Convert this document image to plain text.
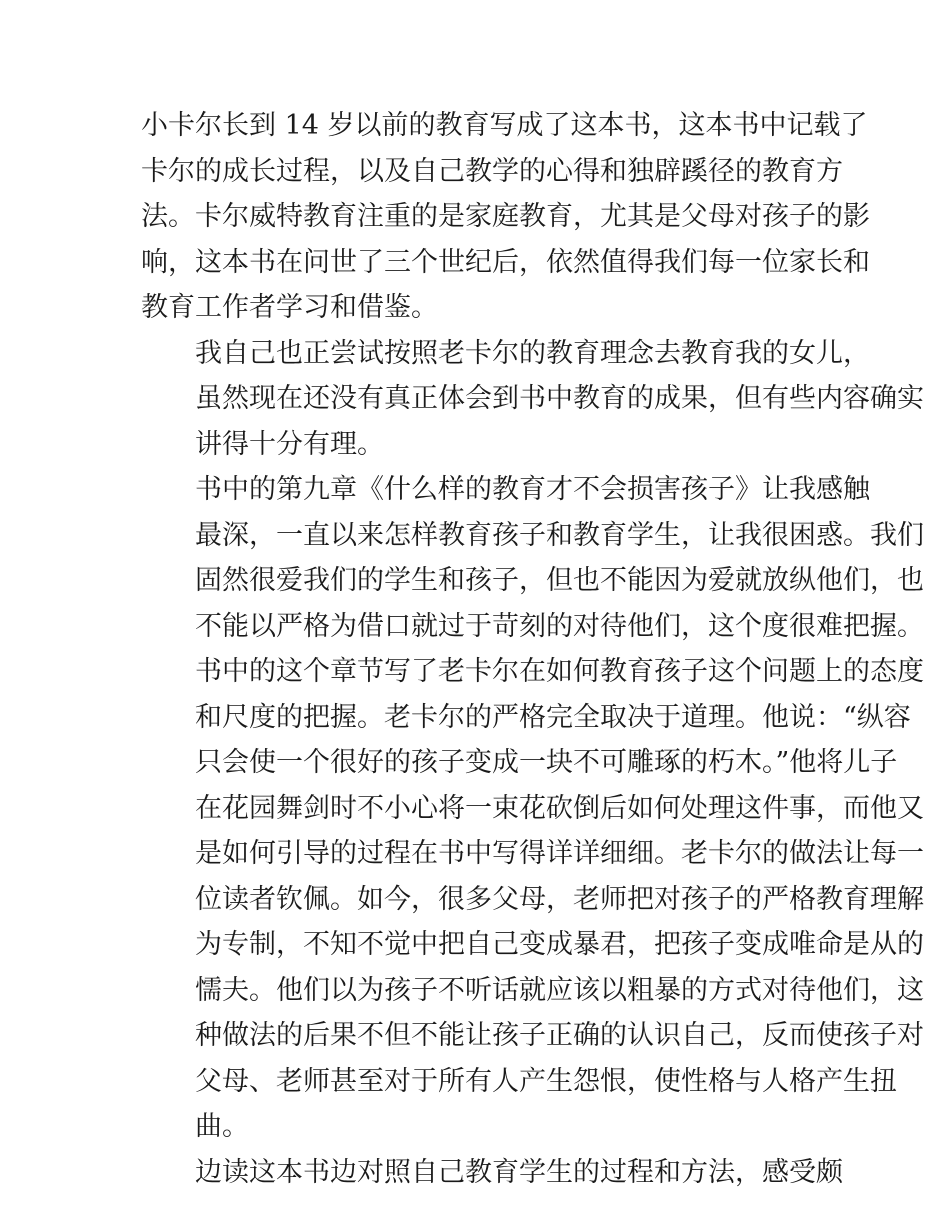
小卡尔长到 14 岁以前的教育写成了这本书，这本书中记载了
卡尔的成长过程，以及自己教学的心得和独辟蹊径的教育方
法。卡尔威特教育注重的是家庭教育，尤其是父母对孩子的影
响，这本书在问世了三个世纪后，依然值得我们每一位家长和
教育工作者学习和借鉴。
我自己也正尝试按照老卡尔的教育理念去教育我的女儿，
虽然现在还没有真正体会到书中教育的成果，但有些内容确实
讲得十分有理。
书中的第九章《什么样的教育才不会损害孩子》让我感触
最深，一直以来怎样教育孩子和教育学生，让我很困惑。我们
固然很爱我们的学生和孩子，但也不能因为爱就放纵他们，也
不能以严格为借口就过于苛刻的对待他们，这个度很难把握。
书中的这个章节写了老卡尔在如何教育孩子这个问题上的态度
和尺度的把握。老卡尔的严格完全取决于道理。他说：“纵容
只会使一个很好的孩子变成一块不可雕琢的朽木。”他将儿子
在花园舞剑时不小心将一束花砍倒后如何处理这件事，而他又
是如何引导的过程在书中写得详详细细。老卡尔的做法让每一
位读者钦佩。如今，很多父母，老师把对孩子的严格教育理解
为专制，不知不觉中把自己变成暴君，把孩子变成唯命是从的
懦夫。他们以为孩子不听话就应该以粗暴的方式对待他们，这
种做法的后果不但不能让孩子正确的认识自己，反而使孩子对
父母、老师甚至对于所有人产生怨恨，使性格与人格产生扭
曲。
边读这本书边对照自己教育学生的过程和方法，感受颇
